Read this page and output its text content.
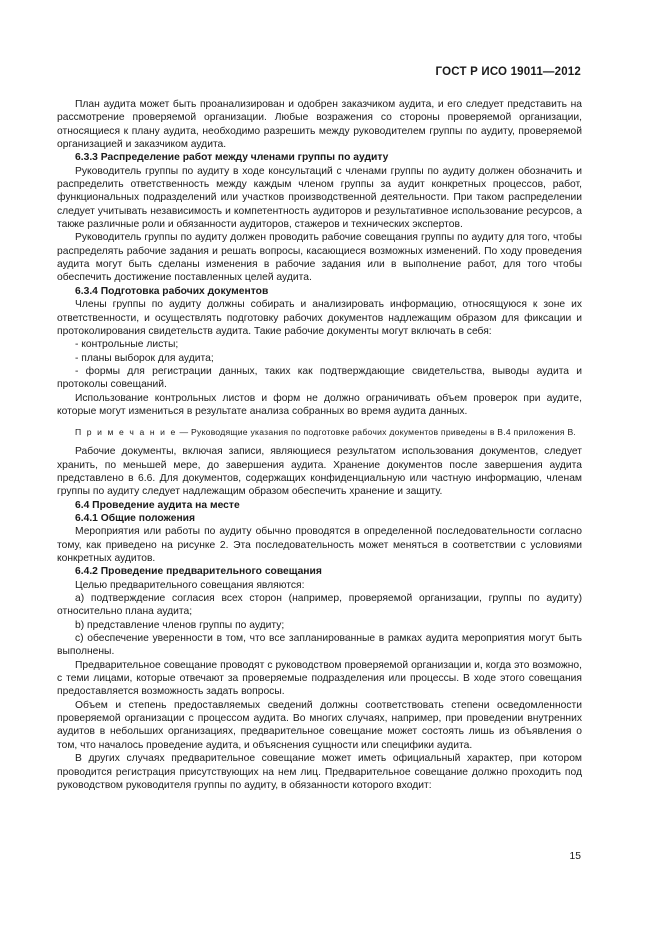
ГОСТ Р ИСО 19011—2012

План аудита может быть проанализирован и одобрен заказчиком аудита, и его следует представить на рассмотрение проверяемой организации. Любые возражения со стороны проверяемой организации, относящиеся к плану аудита, необходимо разрешить между руководителем группы по аудиту, проверяемой организацией и заказчиком аудита.

6.3.3 Распределение работ между членами группы по аудиту

Руководитель группы по аудиту в ходе консультаций с членами группы по аудиту должен обозначить и распределить ответственность между каждым членом группы за аудит конкретных процессов, работ, функциональных подразделений или участков производственной деятельности. При таком распределении следует учитывать независимость и компетентность аудиторов и результативное использование ресурсов, а также различные роли и обязанности аудиторов, стажеров и технических экспертов.

Руководитель группы по аудиту должен проводить рабочие совещания группы по аудиту для того, чтобы распределять рабочие задания и решать вопросы, касающиеся возможных изменений. По ходу проведения аудита могут быть сделаны изменения в рабочие задания или в выполнение работ, для того чтобы обеспечить достижение поставленных целей аудита.

6.3.4 Подготовка рабочих документов

Члены группы по аудиту должны собирать и анализировать информацию, относящуюся к зоне их ответственности, и осуществлять подготовку рабочих документов надлежащим образом для фиксации и протоколирования свидетельств аудита. Такие рабочие документы могут включать в себя:

- контрольные листы;

- планы выборок для аудита;

- формы для регистрации данных, таких как подтверждающие свидетельства, выводы аудита и протоколы совещаний.

Использование контрольных листов и форм не должно ограничивать объем проверок при аудите, которые могут измениться в результате анализа собранных во время аудита данных.

П р и м е ч а н и е — Руководящие указания по подготовке рабочих документов приведены в В.4 приложения В.

Рабочие документы, включая записи, являющиеся результатом использования документов, следует хранить, по меньшей мере, до завершения аудита. Хранение документов после завершения аудита представлено в 6.6. Для документов, содержащих конфиденциальную или частную информацию, членам группы по аудиту следует надлежащим образом обеспечить хранение и защиту.

6.4 Проведение аудита на месте

6.4.1 Общие положения

Мероприятия или работы по аудиту обычно проводятся в определенной последовательности согласно тому, как приведено на рисунке 2. Эта последовательность может меняться в соответствии с условиями конкретных аудитов.

6.4.2 Проведение предварительного совещания

Целью предварительного совещания являются:

а) подтверждение согласия всех сторон (например, проверяемой организации, группы по аудиту) относительно плана аудита;

b) представление членов группы по аудиту;

с) обеспечение уверенности в том, что все запланированные в рамках аудита мероприятия могут быть выполнены.

Предварительное совещание проводят с руководством проверяемой организации и, когда это возможно, с теми лицами, которые отвечают за проверяемые подразделения или процессы. В ходе этого совещания предоставляется возможность задать вопросы.

Объем и степень предоставляемых сведений должны соответствовать степени осведомленности проверяемой организации с процессом аудита. Во многих случаях, например, при проведении внутренних аудитов в небольших организациях, предварительное совещание может состоять лишь из объявления о том, что началось проведение аудита, и объяснения сущности или специфики аудита.

В других случаях предварительное совещание может иметь официальный характер, при котором проводится регистрация присутствующих на нем лиц. Предварительное совещание должно проходить под руководством руководителя группы по аудиту, в обязанности которого входит:

15
